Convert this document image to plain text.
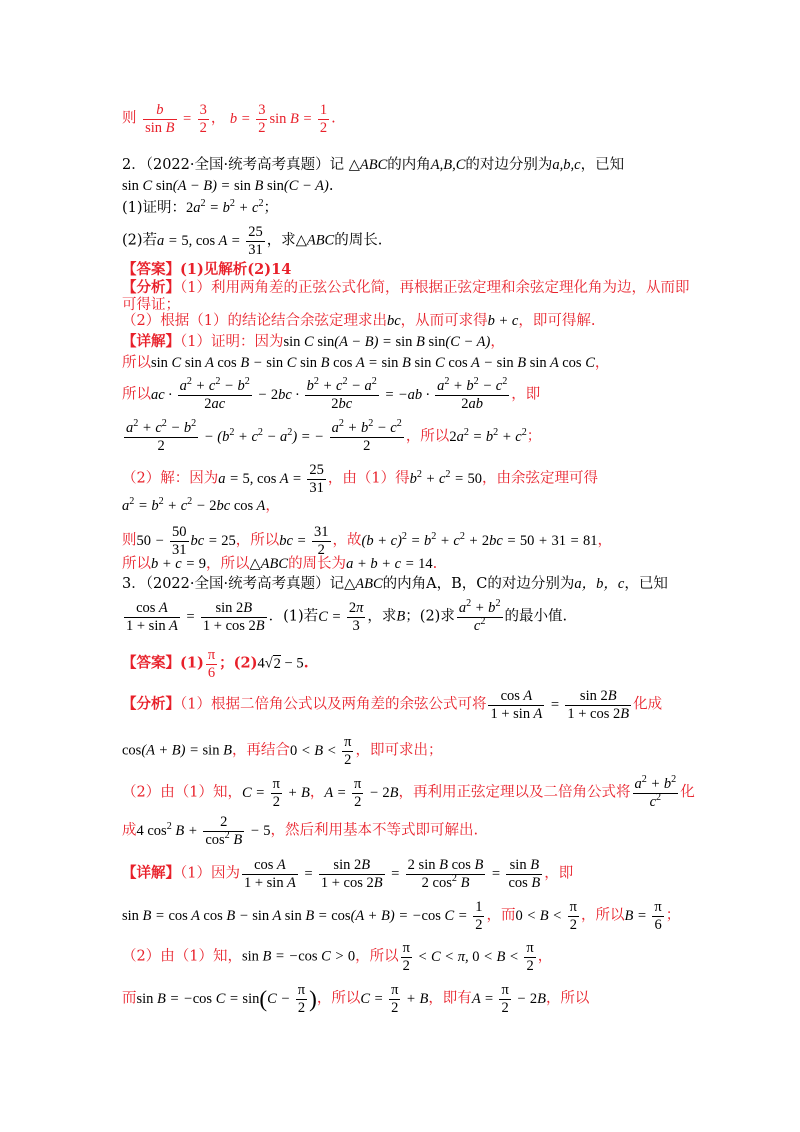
则 $\frac{b}{\text{sin B}} = \frac{3}{2}$ ， $b = \frac{3}{2}$ $\sin B = \frac{1}{2}$ .
2．（2022·全国·统考高考真题）记 △ABC的内角A,B,C的对边分别为a,b,c，已知
sin C sin(A − B) = sin B sin(C − A).
(1)证明：$2a^2 = b^2 + c^2$；
(2)若a = 5, $\cos A = \frac{25}{31}$ ，求△ABC的周长.
【答案】(1)见解析(2)14
【分析】（1）利用两角差的正弦公式化简，再根据正弦定理和余弦定理化角为边，从而即
可得证；
（2）根据（1）的结论结合余弦定理求出bc，从而可求得b + c，即可得解.
【详解】（1）证明：因为sin C sin(A − B) = sin B sin(C − A)，
所以sin C sin A cos B − sin C sin B cos A = sin B sin C cos A − sin B sin A cos C，
所以ac · $\frac{a^2 + c^2 - b^2}{2ac} - 2bc \cdot \frac{b^2 + c^2 - a^2}{2bc} = -ab \cdot \frac{a^2 + b^2 - c^2}{2ab}$ ，即
$\frac{a^2 + c^2 - b^2}{2} - (b^2 + c^2 - a^2)$ = − $\frac{a^2 + b^2 - c^2}{2}$ ，所以$2a^2 = b^2 + c^2$；
（2）解：因为a = 5, $\cos A = \frac{25}{31}$ ，由（1）得$b^2 + c^2 = 50$，由余弦定理可得
$a^2 = b^2 + c^2 - 2bc$ cos A，
则$50 - \frac{50}{31}$ bc = 25，所以bc = $\frac{31}{2}$ ，故$(b + c)^2 = b^2 + c^2 + 2bc = 50 + 31 = 81$，
所以b + c = 9，所以△ABC的周长为a + b + c = 14.
3．（2022·全国·统考高考真题）记△ABC的内角A，B，C的对边分别为a，b，c，已知
$\frac{\text{cos A}}{\text{1 + sin A}} = \frac{\sin 2B}{1 + \cos 2B}$ ．(1)若$C = \frac{2\pi}{3}$ ，求B；(2)求 $\frac{a^2 + b^2}{c^2}$ 的最小值.
【答案】$(1) \frac{\pi}{6}$ ；(2)4√2 − 5.
【分析】（1）根据二倍角公式以及两角差的余弦公式可将 $\frac{\text{cos A}}{\text{1 + sin A}} = \frac{\sin 2B}{1 + \cos 2B}$ 化成
cos(A + B) = sin B，再结合$0 < B < \frac{\pi}{2}$ ，即可求出；
（2）由（1）知，$C = \frac{\pi}{2} + B$，$A = \frac{\pi}{2} - 2B$，再利用正弦定理以及二倍角公式将 $\frac{a^2 + b^2}{c^2}$ 化
成4 $\cos^2 B + \frac{2}{\cos^2 B} - 5$，然后利用基本不等式即可解出.
【详解】（1）因为 $\frac{\text{cos A}}{\text{1 + sin A}} = \frac{\sin 2B}{1 + \cos 2B} = \frac{\text{2 sin B cos B}}{2 \cos^2 B} = \frac{\text{sin B}}{\text{cos B}}$ ，即
sin B = cos A cos B − sin A sin B = cos(A + B) = −cos $C = \frac{1}{2}$ ，而$0 < B < \frac{\pi}{2}$ ，所以$B = \frac{\pi}{6}$ ；
（2）由（1）知，sin B = −cos C > 0，所以 $\frac{\pi}{2} < C < \pi$, $0 < B < \frac{\pi}{2}$ ，
而sin B = −cos $C = \sin(C - \frac{\pi}{2}$ )，所以$C = \frac{\pi}{2} + B$，即有$A = \frac{\pi}{2} - 2B$，所以
